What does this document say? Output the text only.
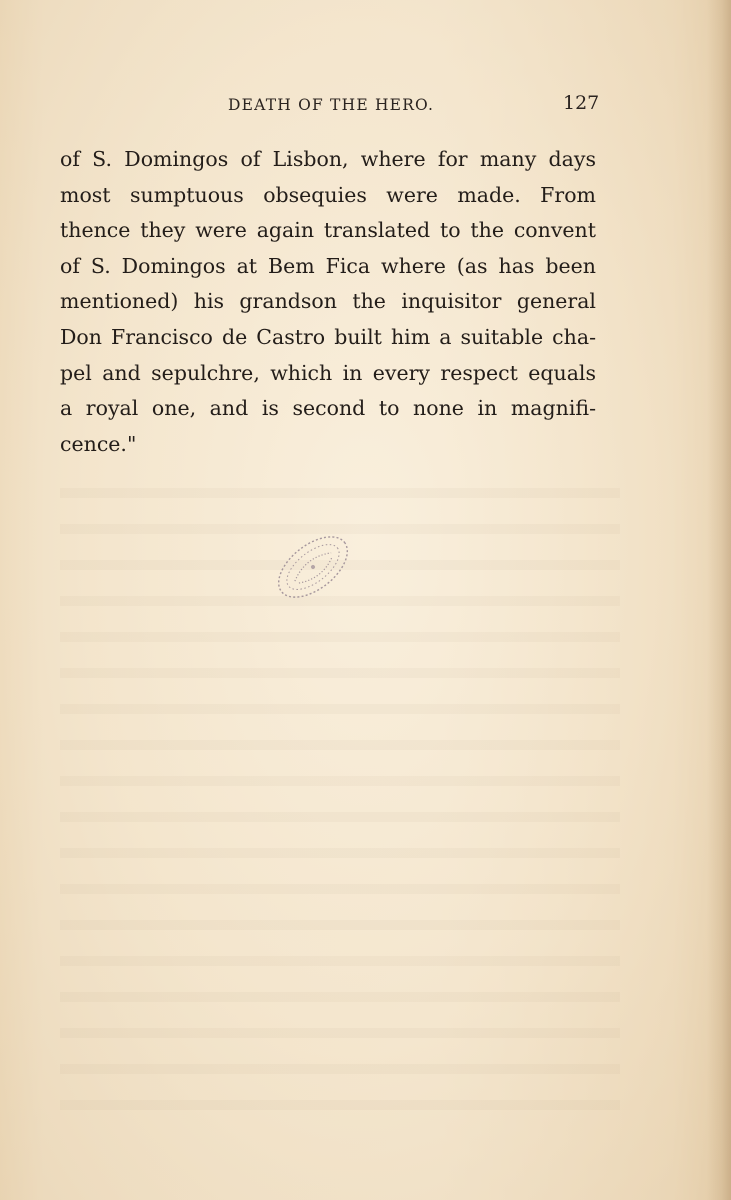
DEATH OF THE HERO.	127
of S. Domingos of Lisbon, where for many days
most sumptuous obsequies were made. From
thence they were again translated to the convent
of S. Domingos at Bem Fica where (as has been
mentioned) his grandson the inquisitor general
Don Francisco de Castro built him a suitable cha-
pel and sepulchre, which in every respect equals
a royal one, and is second to none in magnifi-
cence."
